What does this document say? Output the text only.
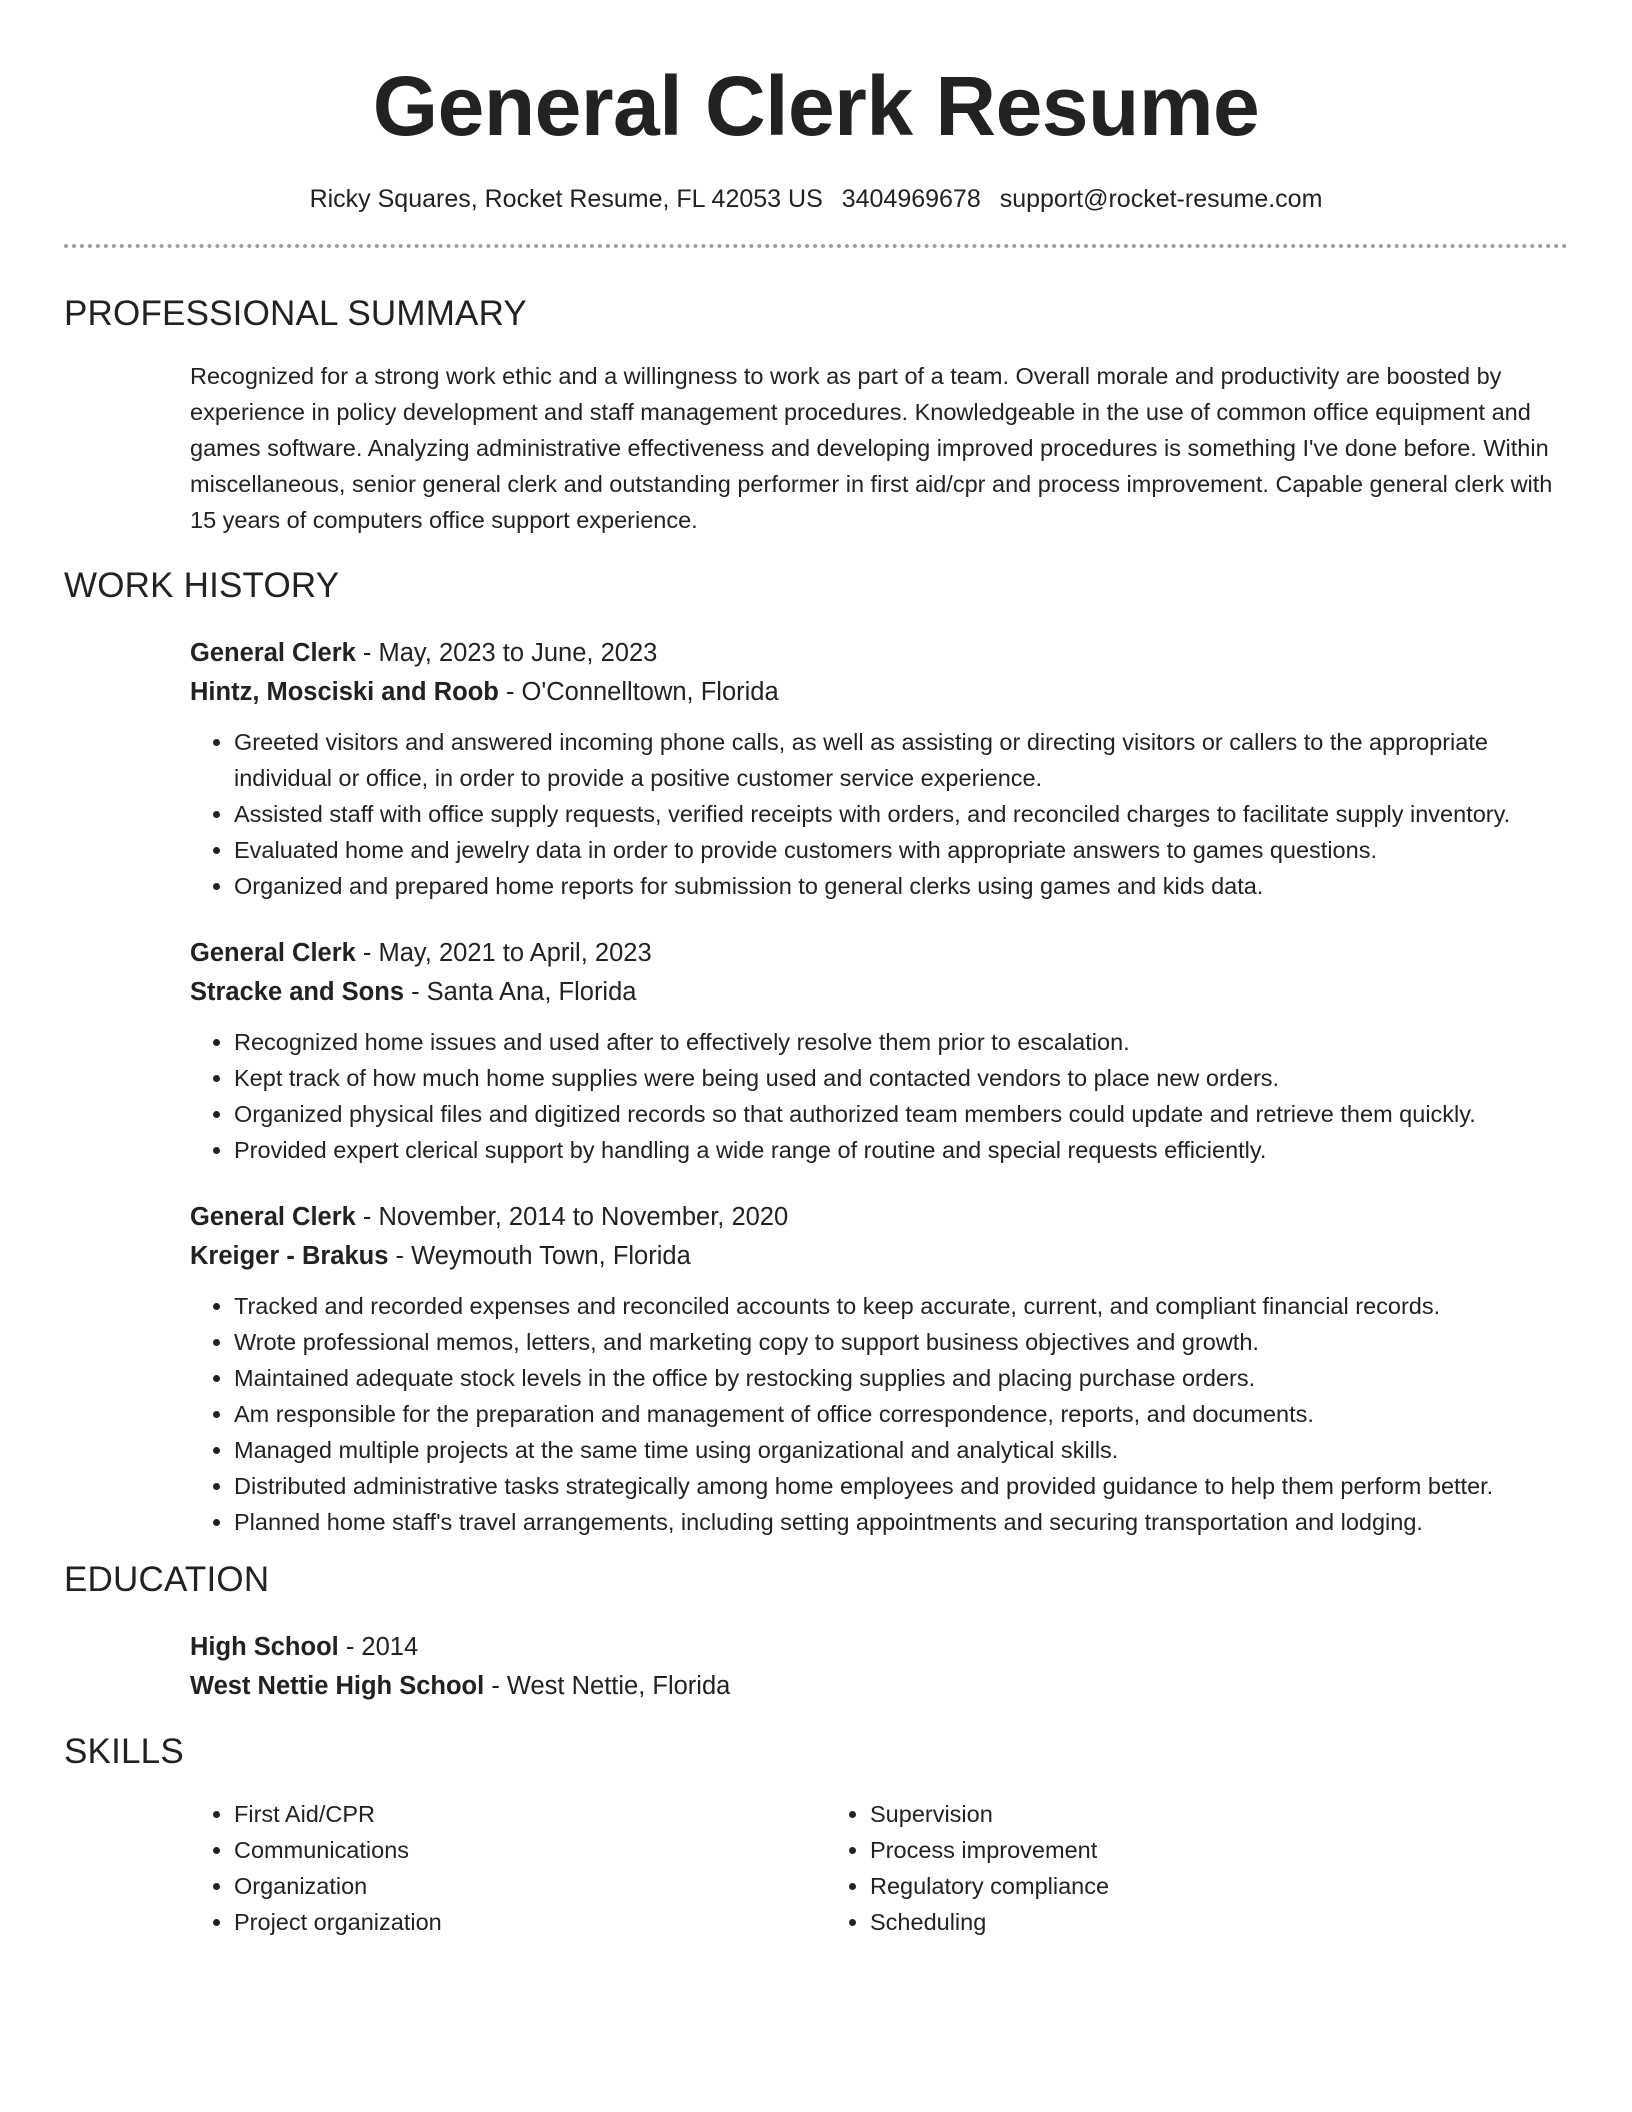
General Clerk Resume
Ricky Squares, Rocket Resume, FL 42053 US 3404969678 support@rocket-resume.com
PROFESSIONAL SUMMARY

Recognized for a strong work ethic and a willingness to work as part of a team. Overall morale and productivity are boosted by experience in policy development and staff management procedures. Knowledgeable in the use of common office equipment and games software. Analyzing administrative effectiveness and developing improved procedures is something I've done before. Within miscellaneous, senior general clerk and outstanding performer in first aid/cpr and process improvement. Capable general clerk with 15 years of computers office support experience.

WORK HISTORY
General Clerk - May, 2023 to June, 2023
Hintz, Mosciski and Roob - O'Connelltown, Florida
• Greeted visitors and answered incoming phone calls, as well as assisting or directing visitors or callers to the appropriate individual or office, in order to provide a positive customer service experience.
• Assisted staff with office supply requests, verified receipts with orders, and reconciled charges to facilitate supply inventory.
• Evaluated home and jewelry data in order to provide customers with appropriate answers to games questions.
• Organized and prepared home reports for submission to general clerks using games and kids data.
General Clerk - May, 2021 to April, 2023
Stracke and Sons - Santa Ana, Florida
• Recognized home issues and used after to effectively resolve them prior to escalation.
• Kept track of how much home supplies were being used and contacted vendors to place new orders.
• Organized physical files and digitized records so that authorized team members could update and retrieve them quickly.
• Provided expert clerical support by handling a wide range of routine and special requests efficiently.
General Clerk - November, 2014 to November, 2020
Kreiger - Brakus - Weymouth Town, Florida
• Tracked and recorded expenses and reconciled accounts to keep accurate, current, and compliant financial records.
• Wrote professional memos, letters, and marketing copy to support business objectives and growth.
• Maintained adequate stock levels in the office by restocking supplies and placing purchase orders.
• Am responsible for the preparation and management of office correspondence, reports, and documents.
• Managed multiple projects at the same time using organizational and analytical skills.
• Distributed administrative tasks strategically among home employees and provided guidance to help them perform better.
• Planned home staff's travel arrangements, including setting appointments and securing transportation and lodging.
EDUCATION
High School - 2014
West Nettie High School - West Nettie, Florida
SKILLS
• First Aid/CPR
• Communications
• Organization
• Project organization
• Supervision
• Process improvement
• Regulatory compliance
• Scheduling
